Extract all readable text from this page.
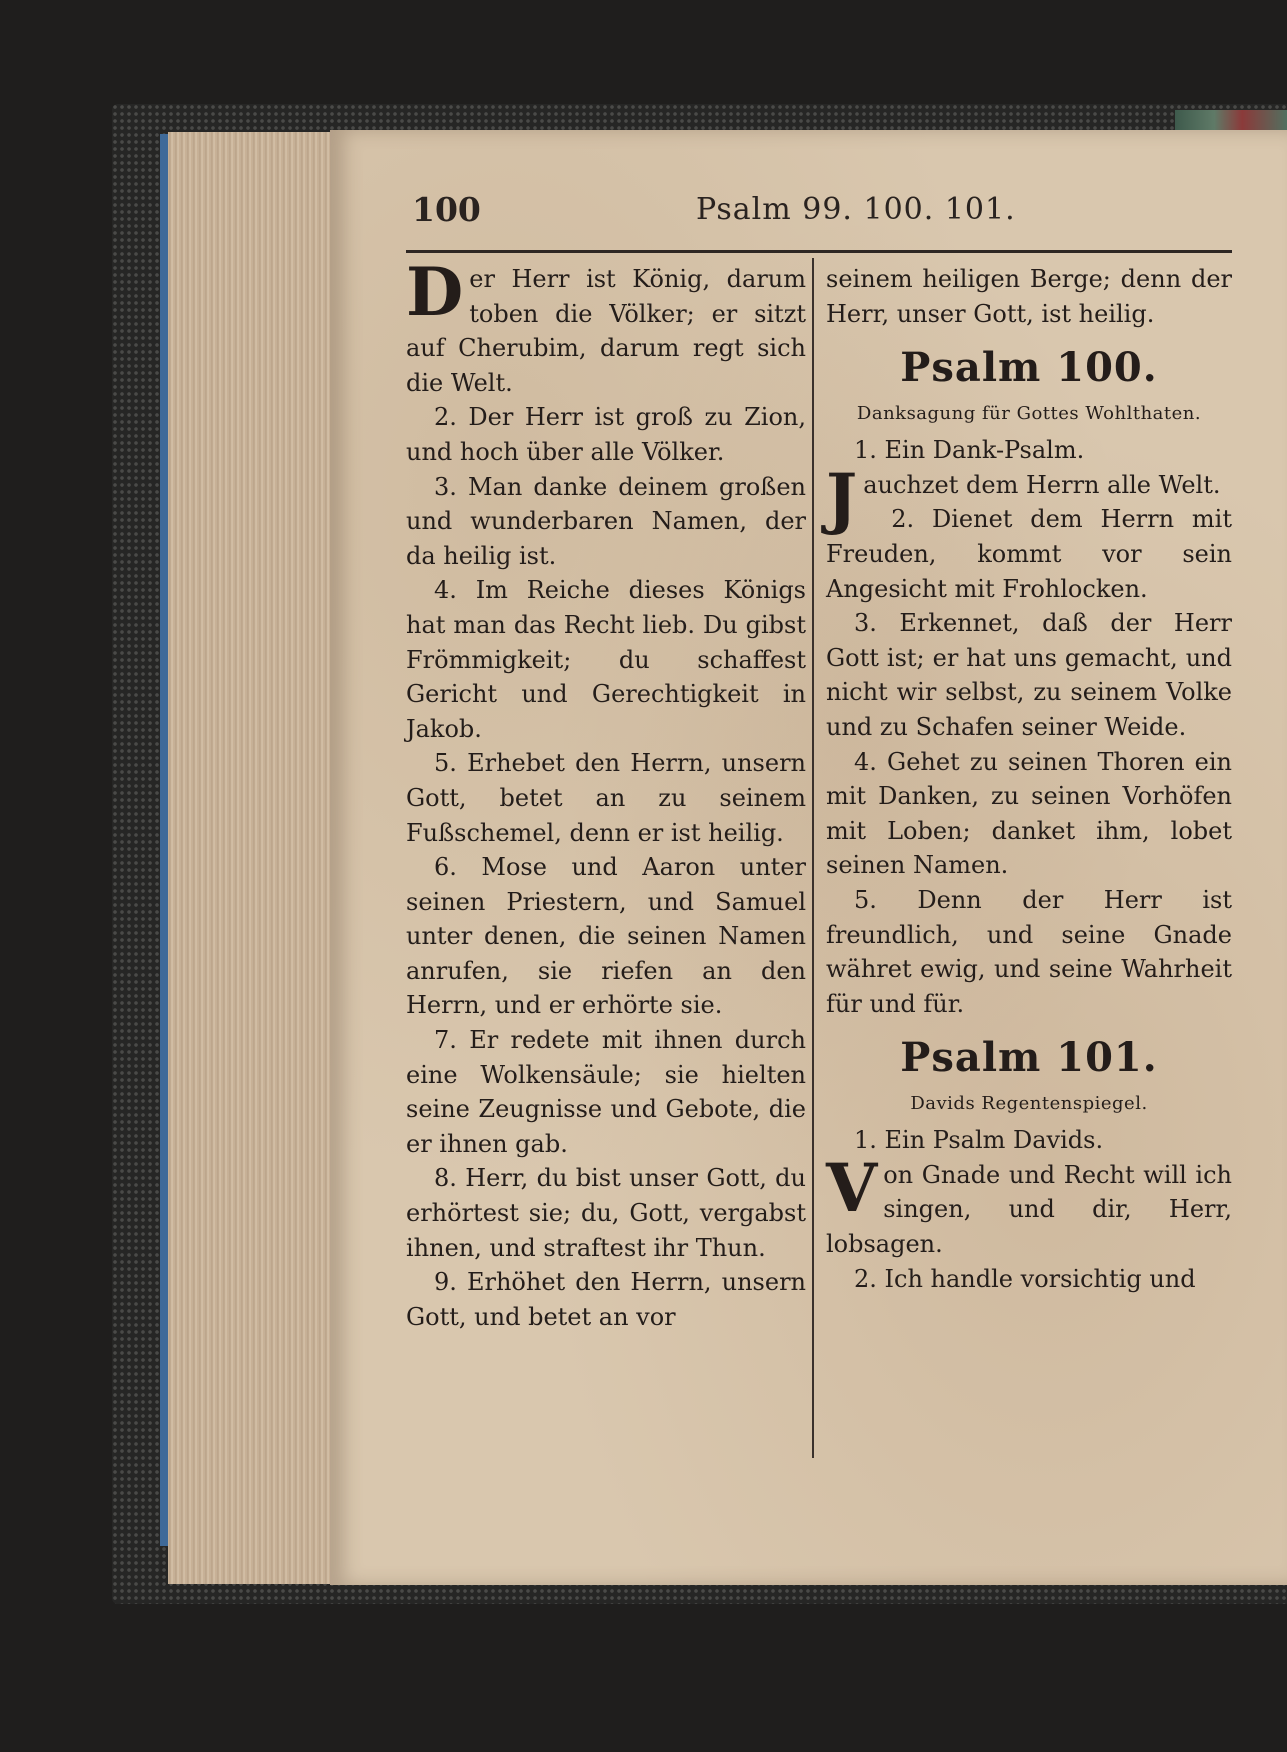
100	Psalm 99. 100. 101.

Der Herr ist König, darum toben die Völker; er sitzt auf Cherubim, darum regt sich die Welt.

2. Der Herr ist groß zu Zion, und hoch über alle Völker.

3. Man danke deinem großen und wunderbaren Namen, der da heilig ist.

4. Im Reiche dieses Königs hat man das Recht lieb. Du gibst Frömmigkeit; du schaffest Gericht und Gerechtigkeit in Jakob.

5. Erhebet den Herrn, unsern Gott, betet an zu seinem Fußschemel, denn er ist heilig.

6. Mose und Aaron unter seinen Priestern, und Samuel unter denen, die seinen Namen anrufen, sie riefen an den Herrn, und er erhörte sie.

7. Er redete mit ihnen durch eine Wolkensäule; sie hielten seine Zeugnisse und Gebote, die er ihnen gab.

8. Herr, du bist unser Gott, du erhörtest sie; du, Gott, vergabst ihnen, und straftest ihr Thun.

9. Erhöhet den Herrn, unsern Gott, und betet an vor

seinem heiligen Berge; denn der Herr, unser Gott, ist heilig.

Psalm 100.
Danksagung für Gottes Wohlthaten.

1. Ein Dank-Psalm.

Jauchzet dem Herrn alle Welt.

2. Dienet dem Herrn mit Freuden, kommt vor sein Angesicht mit Frohlocken.

3. Erkennet, daß der Herr Gott ist; er hat uns gemacht, und nicht wir selbst, zu seinem Volke und zu Schafen seiner Weide.

4. Gehet zu seinen Thoren ein mit Danken, zu seinen Vorhöfen mit Loben; danket ihm, lobet seinen Namen.

5. Denn der Herr ist freundlich, und seine Gnade währet ewig, und seine Wahrheit für und für.

Psalm 101.
Davids Regentenspiegel.

1. Ein Psalm Davids.

Von Gnade und Recht will ich singen, und dir, Herr, lobsagen.

2. Ich handle vorsichtig und
